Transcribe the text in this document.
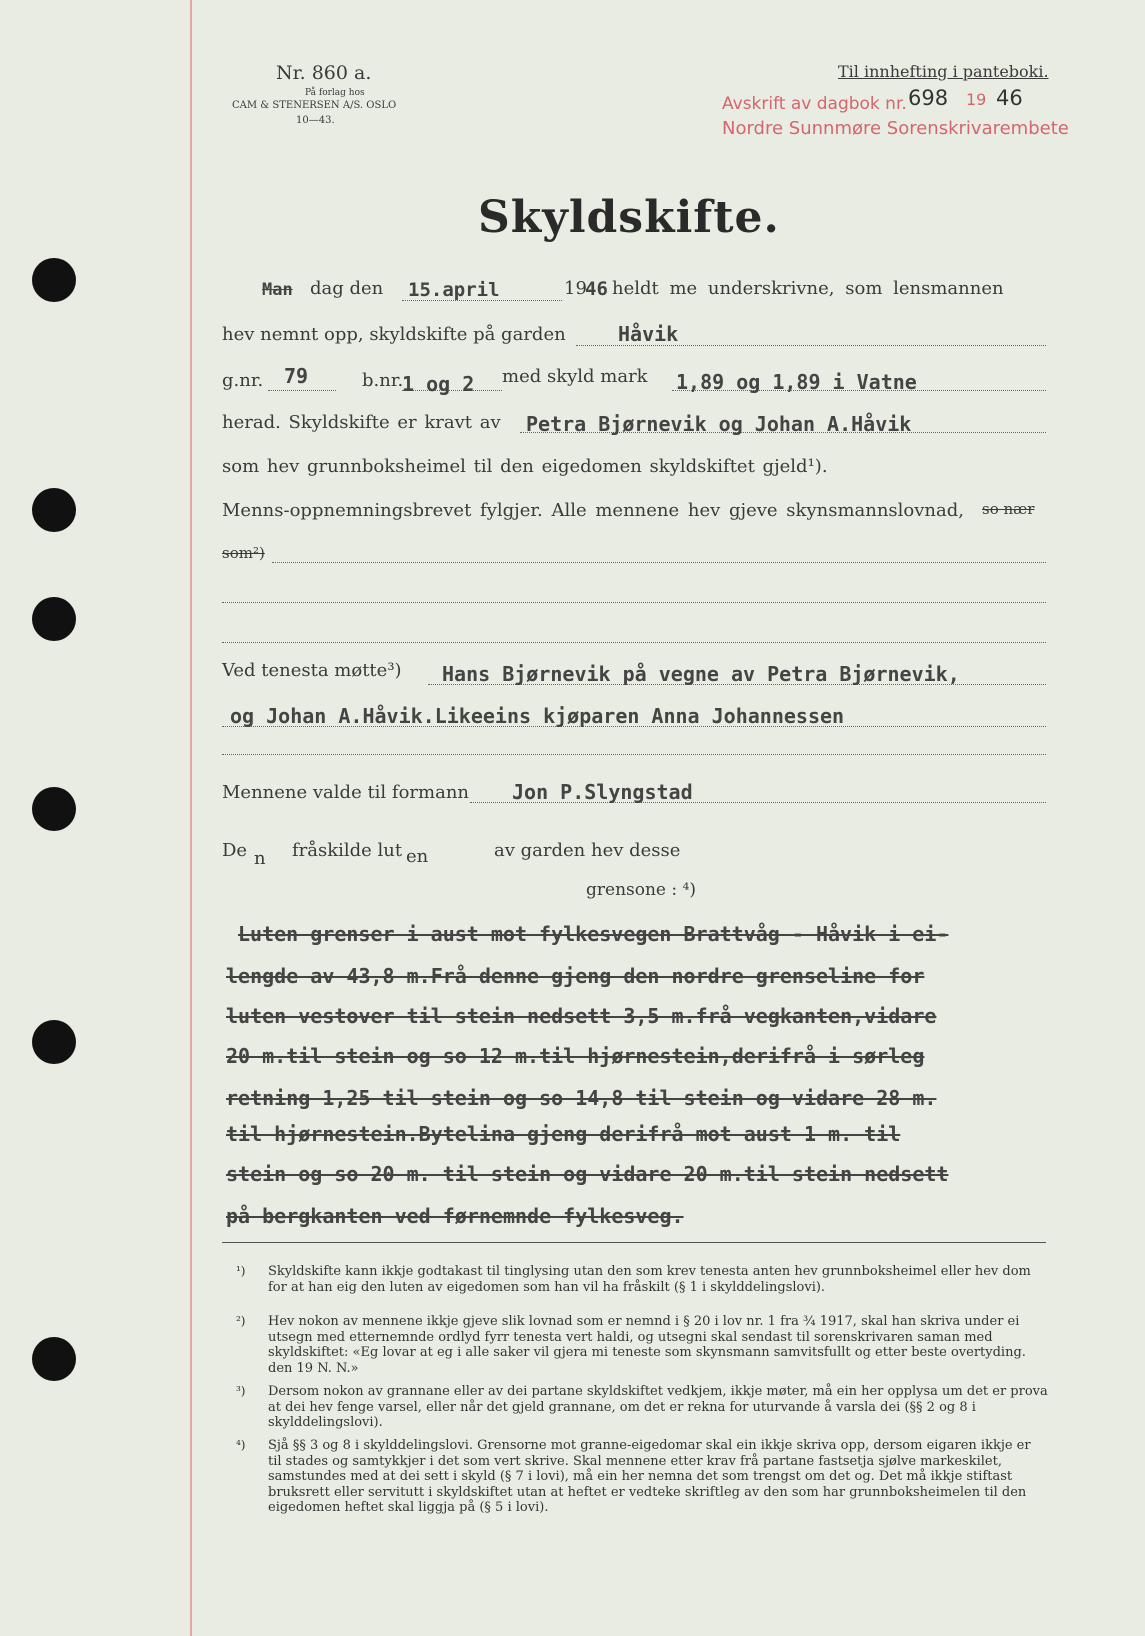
Nr. 860 a.
På forlag hos
CAM & STENERSEN A/S. OSLO
10—43.
Til innhefting i panteboki.
Avskrift av dagbok nr. 698 19 46
Nordre Sunnmøre Sorenskrivarembete
Skyldskifte.
Man dag den 15.april	19
46 heldt me underskrivne, som lensmannen
hev nemnt opp, skyldskifte på garden	Håvik
g.nr. 79	b.nr.
1 og 2 med skyld mark 1,89 og 1,89 i Vatne
herad. Skyldskifte er kravt av Petra Bjørnevik og Johan A.Håvik
som hev grunnboksheimel til den eigedomen skyldskiftet gjeld¹).
Menns-oppnemningsbrevet fylgjer. Alle mennene hev gjeve skynsmannslovnad, so nær
som²)
Ved tenesta møtte³) Hans Bjørnevik på vegne av Petra Bjørnevik,
og Johan A.Håvik.Likeeins kjøparen Anna Johannessen
Mennene valde til formann Jon P.Slyngstad
De n fråskilde lut en	av garden hev desse
grensone : ⁴)
Luten grenser i aust mot fylkesvegen Brattvåg - Håvik i ei-
lengde av 43,8 m.Frå denne gjeng den nordre grenseline for
luten vestover til stein nedsett 3,5 m.frå vegkanten,vidare
20 m.til stein og so 12 m.til hjørnestein,derifrå i sørleg
retning 1,25 til stein og so 14,8 til stein og vidare 28 m.
til hjørnestein.Bytelina gjeng derifrå mot aust 1 m. til
stein og so 20 m. til stein og vidare 20 m.til stein nedsett
på bergkanten ved førnemnde fylkesveg.
¹) Skyldskifte kann ikkje godtakast til tinglysing utan den som krev tenesta anten hev grunnboksheimel eller hev dom for at han eig den luten av eigedomen som han vil ha fråskilt (§ 1 i skylddelingslovi).
²) Hev nokon av mennene ikkje gjeve slik lovnad som er nemnd i § 20 i lov nr. 1 fra ¾ 1917, skal han skriva under ei utsegn med etternemnde ordlyd fyrr tenesta vert haldi, og utsegni skal sendast til sorenskrivaren saman med skyldskiftet: «Eg lovar at eg i alle saker vil gjera mi teneste som skynsmann samvitsfullt og etter beste overtyding. den 19 N. N.»
³) Dersom nokon av grannane eller av dei partane skyldskiftet vedkjem, ikkje møter, må ein her opplysa um det er prova at dei hev fenge varsel, eller når det gjeld grannane, om det er rekna for uturvande å varsla dei (§§ 2 og 8 i skylddelingslovi).
⁴) Sjå §§ 3 og 8 i skylddelingslovi. Grensorne mot granne-eigedomar skal ein ikkje skriva opp, dersom eigaren ikkje er til stades og samtykkjer i det som vert skrive. Skal mennene etter krav frå partane fastsetja sjølve markeskilet, samstundes med at dei sett i skyld (§ 7 i lovi), må ein her nemna det som trengst om det og. Det må ikkje stiftast bruksrett eller servitutt i skyldskiftet utan at heftet er vedteke skriftleg av den som har grunnboksheimelen til den eigedomen heftet skal liggja på (§ 5 i lovi).
